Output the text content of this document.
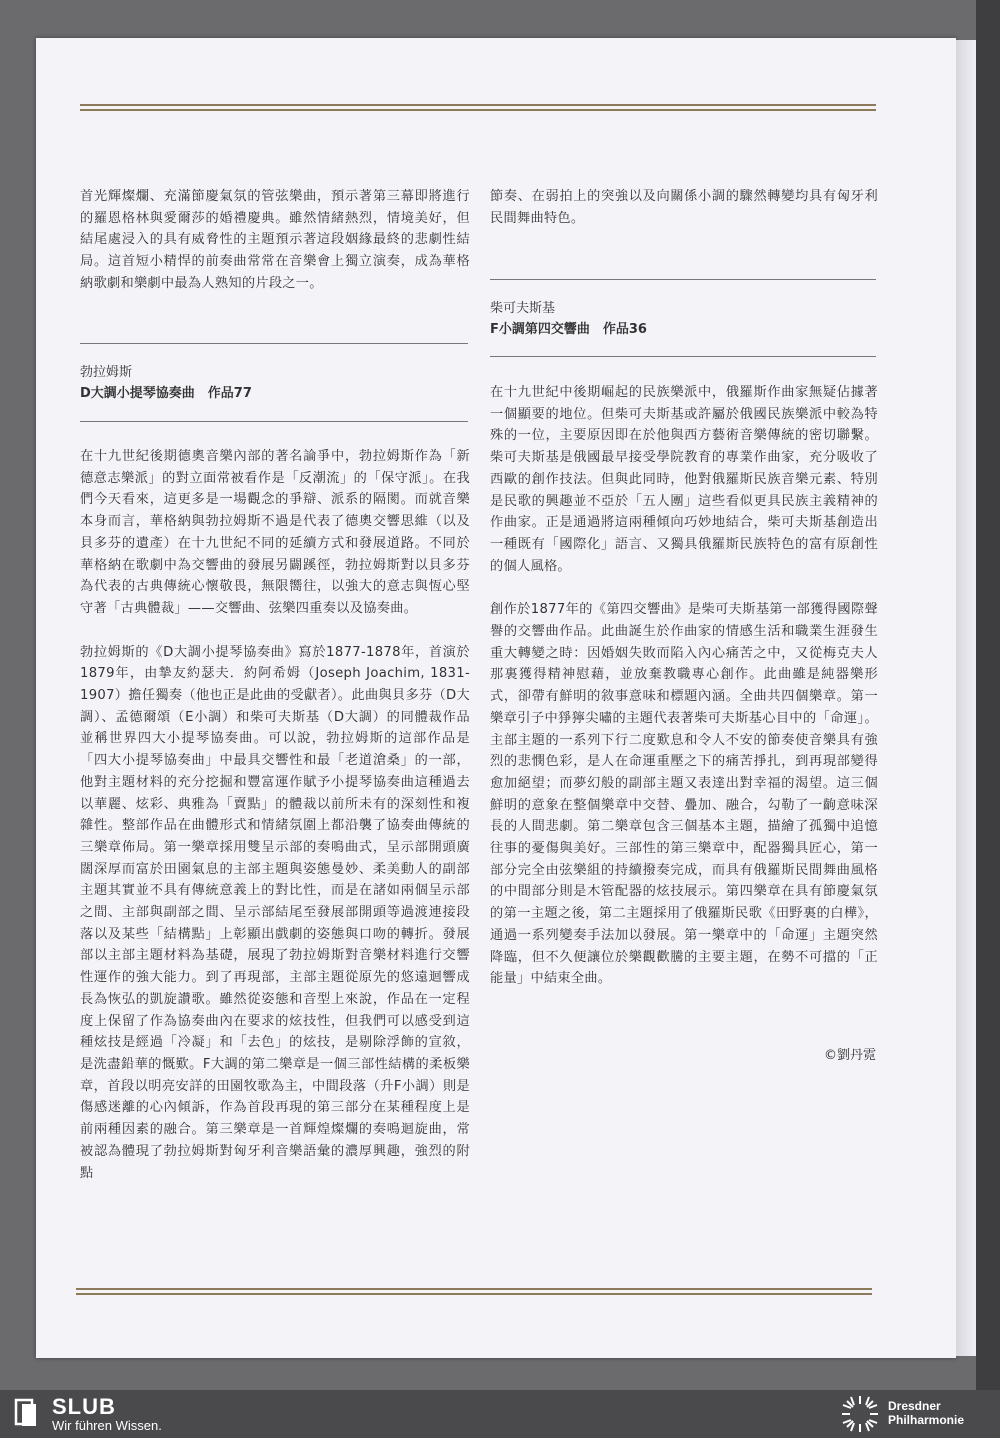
首光輝燦爛、充滿節慶氣氛的管弦樂曲，預示著第三幕即將進行的羅恩格林與愛爾莎的婚禮慶典。雖然情緒熱烈，情境美好，但結尾處浸入的具有威脅性的主題預示著這段姻緣最終的悲劇性結局。這首短小精悍的前奏曲常常在音樂會上獨立演奏，成為華格納歌劇和樂劇中最為人熟知的片段之一。

勃拉姆斯
D大調小提琴協奏曲　作品77

在十九世紀後期德奧音樂內部的著名論爭中，勃拉姆斯作為「新德意志樂派」的對立面常被看作是「反潮流」的「保守派」。在我們今天看來，這更多是一場觀念的爭辯、派系的隔閡。而就音樂本身而言，華格納與勃拉姆斯不過是代表了德奧交響思維（以及貝多芬的遺產）在十九世紀不同的延續方式和發展道路。不同於華格納在歌劇中為交響曲的發展另闢蹊徑，勃拉姆斯對以貝多芬為代表的古典傳統心懷敬畏，無限嚮往，以強大的意志與恆心堅守著「古典體裁」——交響曲、弦樂四重奏以及協奏曲。

勃拉姆斯的《D大調小提琴協奏曲》寫於1877-1878年，首演於1879年，由摯友約瑟夫．約阿希姆（Joseph Joachim, 1831-1907）擔任獨奏（他也正是此曲的受獻者）。此曲與貝多芬（D大調）、孟德爾頌（E小調）和柴可夫斯基（D大調）的同體裁作品並稱世界四大小提琴協奏曲。可以說，勃拉姆斯的這部作品是「四大小提琴協奏曲」中最具交響性和最「老道滄桑」的一部，他對主題材料的充分挖掘和豐富運作賦予小提琴協奏曲這種過去以華麗、炫彩、典雅為「賣點」的體裁以前所未有的深刻性和複雜性。整部作品在曲體形式和情緒氛圍上都沿襲了協奏曲傳統的三樂章佈局。第一樂章採用雙呈示部的奏鳴曲式，呈示部開頭廣闊深厚而富於田園氣息的主部主題與姿態曼妙、柔美動人的副部主題其實並不具有傳統意義上的對比性，而是在諸如兩個呈示部之間、主部與副部之間、呈示部結尾至發展部開頭等過渡連接段落以及某些「結構點」上彰顯出戲劇的姿態與口吻的轉折。發展部以主部主題材料為基礎，展現了勃拉姆斯對音樂材料進行交響性運作的強大能力。到了再現部，主部主題從原先的悠遠迴響成長為恢弘的凱旋讚歌。雖然從姿態和音型上來說，作品在一定程度上保留了作為協奏曲內在要求的炫技性，但我們可以感受到這種炫技是經過「冷凝」和「去色」的炫技，是剔除浮飾的宣敘，是洗盡鉛華的慨歎。F大調的第二樂章是一個三部性結構的柔板樂章，首段以明亮安詳的田園牧歌為主，中間段落（升F小調）則是傷感迷離的心內傾訴，作為首段再現的第三部分在某種程度上是前兩種因素的融合。第三樂章是一首輝煌燦爛的奏鳴迴旋曲，常被認為體現了勃拉姆斯對匈牙利音樂語彙的濃厚興趣，強烈的附點

節奏、在弱拍上的突強以及向關係小調的驟然轉變均具有匈牙利民間舞曲特色。

柴可夫斯基
F小調第四交響曲　作品36

在十九世紀中後期崛起的民族樂派中，俄羅斯作曲家無疑佔據著一個顯要的地位。但柴可夫斯基或許屬於俄國民族樂派中較為特殊的一位，主要原因即在於他與西方藝術音樂傳統的密切聯繫。柴可夫斯基是俄國最早接受學院教育的專業作曲家，充分吸收了西歐的創作技法。但與此同時，他對俄羅斯民族音樂元素、特別是民歌的興趣並不亞於「五人團」這些看似更具民族主義精神的作曲家。正是通過將這兩種傾向巧妙地結合，柴可夫斯基創造出一種既有「國際化」語言、又獨具俄羅斯民族特色的富有原創性的個人風格。

創作於1877年的《第四交響曲》是柴可夫斯基第一部獲得國際聲譽的交響曲作品。此曲誕生於作曲家的情感生活和職業生涯發生重大轉變之時：因婚姻失敗而陷入內心痛苦之中，又從梅克夫人那裏獲得精神慰藉，並放棄教職專心創作。此曲雖是純器樂形式，卻帶有鮮明的敘事意味和標題內涵。全曲共四個樂章。第一樂章引子中猙獰尖嘯的主題代表著柴可夫斯基心目中的「命運」。主部主題的一系列下行二度歎息和令人不安的節奏使音樂具有強烈的悲憫色彩，是人在命運重壓之下的痛苦掙扎，到再現部變得愈加絕望；而夢幻般的副部主題又表達出對幸福的渴望。這三個鮮明的意象在整個樂章中交替、疊加、融合，勾勒了一齣意味深長的人間悲劇。第二樂章包含三個基本主題，描繪了孤獨中追憶往事的憂傷與美好。三部性的第三樂章中，配器獨具匠心，第一部分完全由弦樂組的持續撥奏完成，而具有俄羅斯民間舞曲風格的中間部分則是木管配器的炫技展示。第四樂章在具有節慶氣氛的第一主題之後，第二主題採用了俄羅斯民歌《田野裏的白樺》，通過一系列變奏手法加以發展。第一樂章中的「命運」主題突然降臨，但不久便讓位於樂觀歡騰的主要主題，在勢不可擋的「正能量」中結束全曲。

©劉丹霓
SLUB
Wir führen Wissen.
Dresdner
Philharmonie
